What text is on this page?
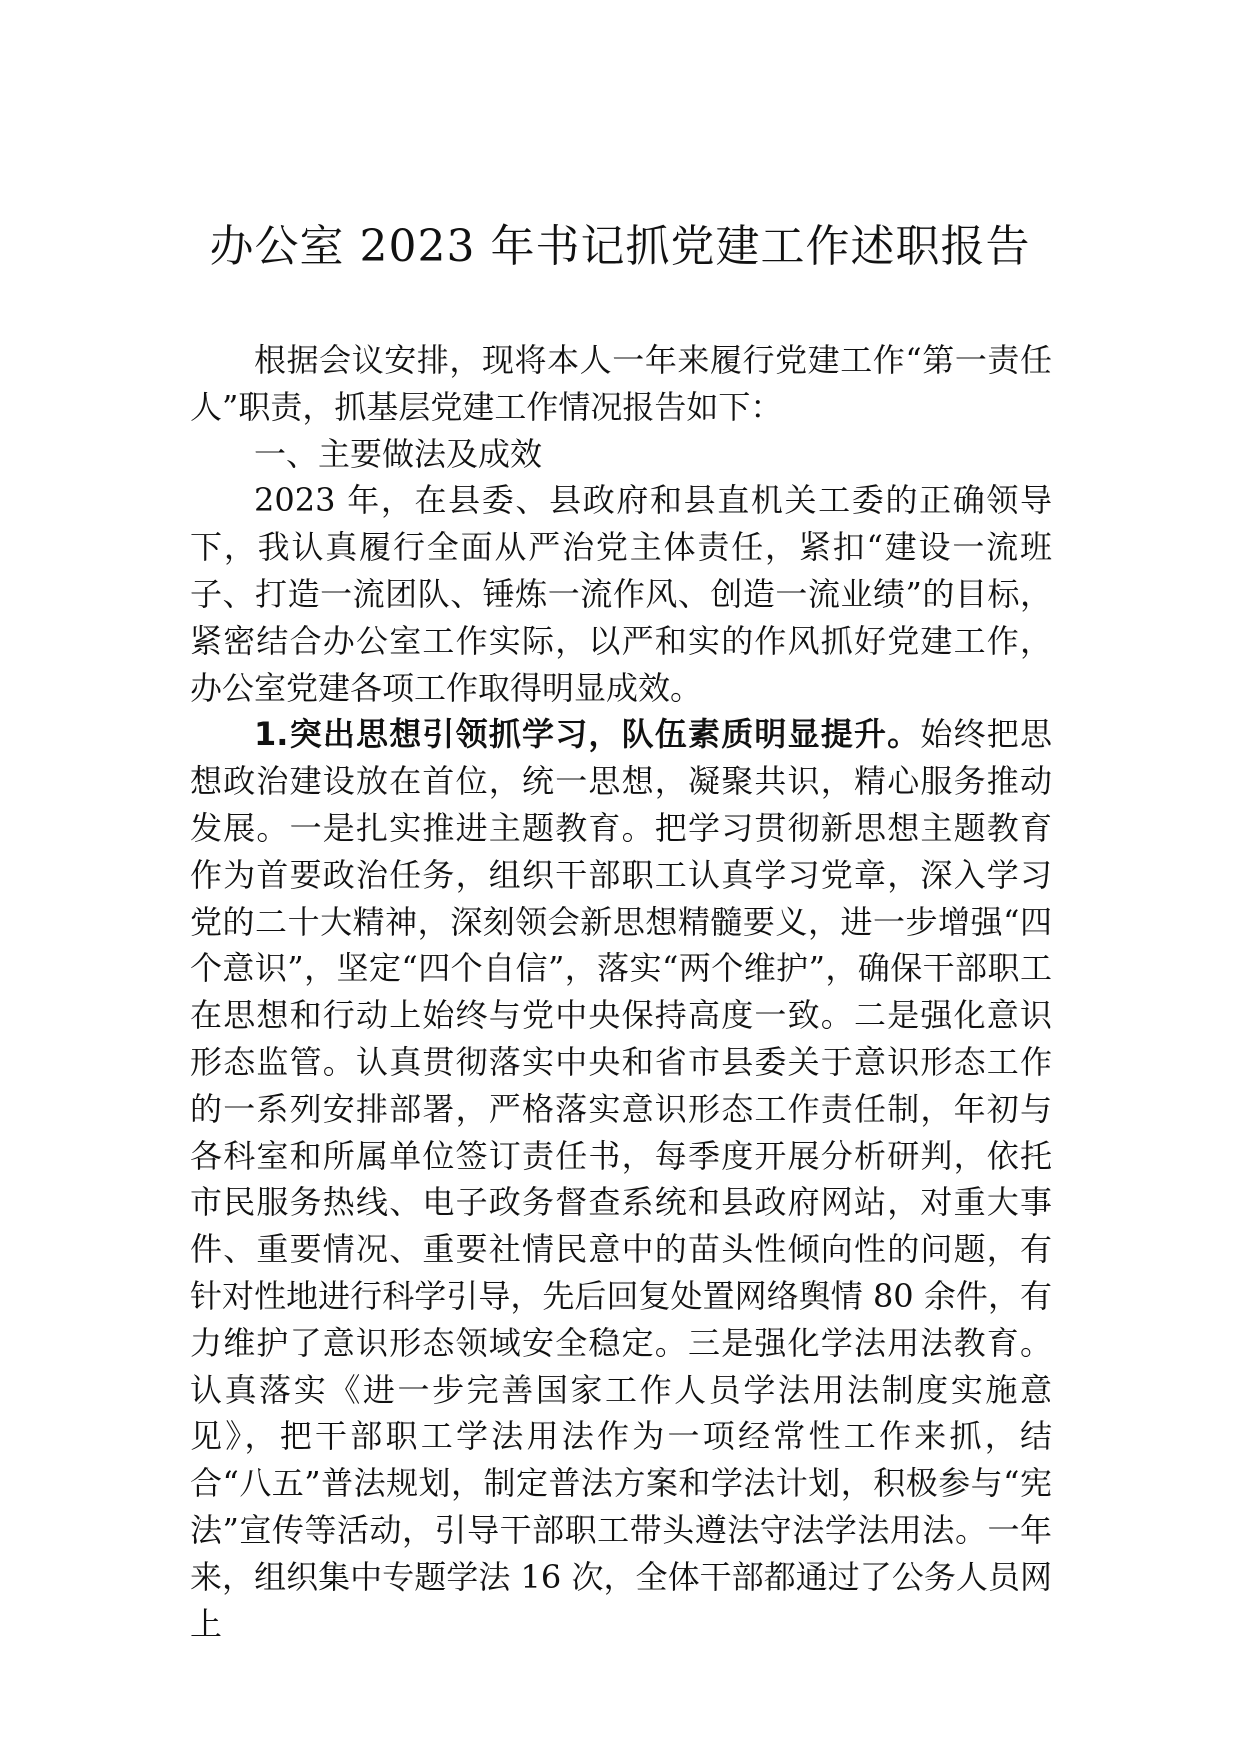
办公室 2023 年书记抓党建工作述职报告

根据会议安排，现将本人一年来履行党建工作“第一责任人”职责，抓基层党建工作情况报告如下：

一、主要做法及成效

2023 年，在县委、县政府和县直机关工委的正确领导下，我认真履行全面从严治党主体责任，紧扣“建设一流班子、打造一流团队、锤炼一流作风、创造一流业绩”的目标，紧密结合办公室工作实际，以严和实的作风抓好党建工作，办公室党建各项工作取得明显成效。

1.突出思想引领抓学习，队伍素质明显提升。始终把思想政治建设放在首位，统一思想，凝聚共识，精心服务推动发展。一是扎实推进主题教育。把学习贯彻新思想主题教育作为首要政治任务，组织干部职工认真学习党章，深入学习党的二十大精神，深刻领会新思想精髓要义，进一步增强“四个意识”，坚定“四个自信”，落实“两个维护”，确保干部职工在思想和行动上始终与党中央保持高度一致。二是强化意识形态监管。认真贯彻落实中央和省市县委关于意识形态工作的一系列安排部署，严格落实意识形态工作责任制，年初与各科室和所属单位签订责任书，每季度开展分析研判，依托市民服务热线、电子政务督查系统和县政府网站，对重大事件、重要情况、重要社情民意中的苗头性倾向性的问题，有针对性地进行科学引导，先后回复处置网络舆情 80 余件，有力维护了意识形态领域安全稳定。三是强化学法用法教育。认真落实《进一步完善国家工作人员学法用法制度实施意见》，把干部职工学法用法作为一项经常性工作来抓，结合“八五”普法规划，制定普法方案和学法计划，积极参与“宪法”宣传等活动，引导干部职工带头遵法守法学法用法。一年来，组织集中专题学法 16 次，全体干部都通过了公务人员网上
